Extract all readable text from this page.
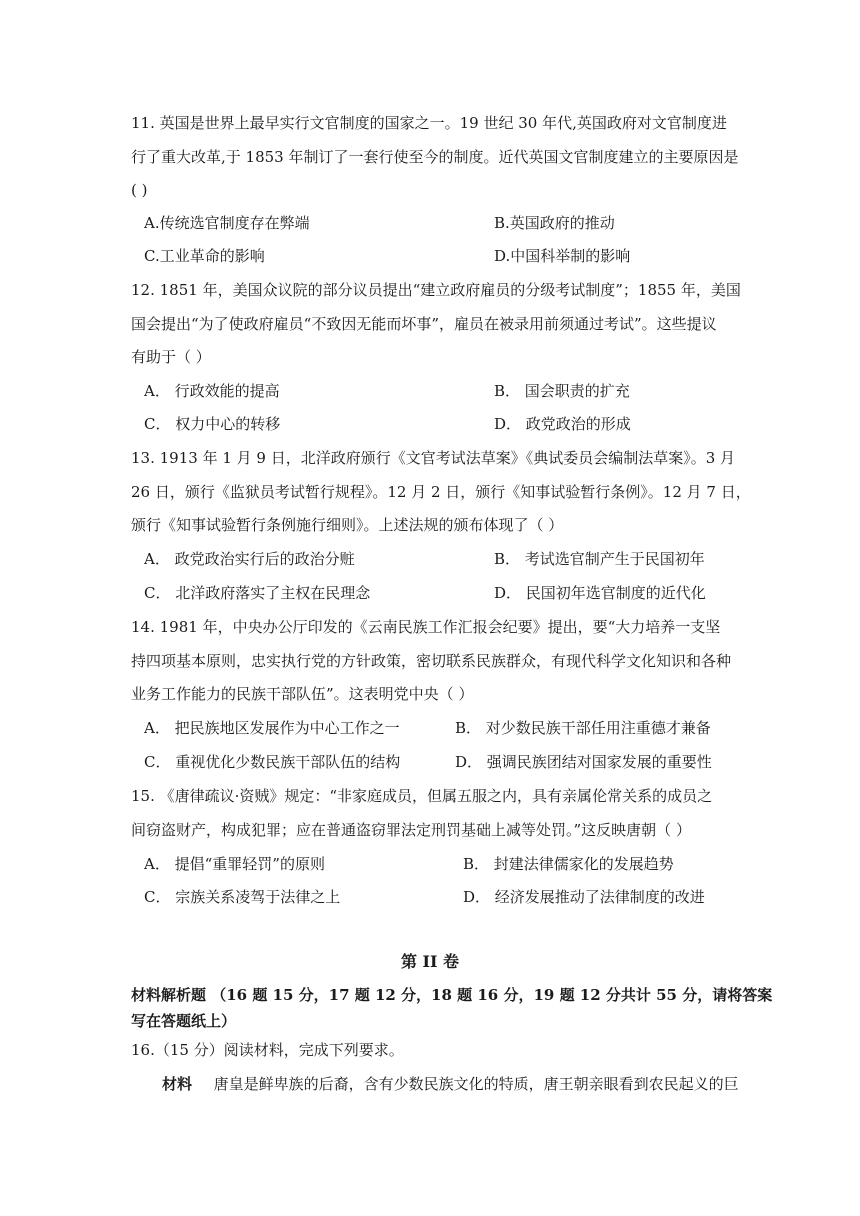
11. 英国是世界上最早实行文官制度的国家之一。19 世纪 30 年代,英国政府对文官制度进
行了重大改革,于 1853 年制订了一套行使至今的制度。近代英国文官制度建立的主要原因是
( )
A.传统选官制度存在弊端	B.英国政府的推动
C.工业革命的影响	D.中国科举制的影响
12. 1851 年，美国众议院的部分议员提出“建立政府雇员的分级考试制度”；1855 年，美国
国会提出“为了使政府雇员“不致因无能而坏事”，雇员在被录用前须通过考试”。这些提议
有助于（ ）
A． 行政效能的提高	B． 国会职责的扩充
C． 权力中心的转移	D． 政党政治的形成
13. 1913 年 1 月 9 日，北洋政府颁行《文官考试法草案》《典试委员会编制法草案》。3 月
26 日，颁行《监狱员考试暂行规程》。12 月 2 日，颁行《知事试验暂行条例》。12 月 7 日，
颁行《知事试验暂行条例施行细则》。上述法规的颁布体现了（ ）
A． 政党政治实行后的政治分赃	B． 考试选官制产生于民国初年
C． 北洋政府落实了主权在民理念	D． 民国初年选官制度的近代化
14. 1981 年，中央办公厅印发的《云南民族工作汇报会纪要》提出，要“大力培养一支坚
持四项基本原则，忠实执行党的方针政策，密切联系民族群众，有现代科学文化知识和各种
业务工作能力的民族干部队伍”。这表明党中央（ ）
A． 把民族地区发展作为中心工作之一	B． 对少数民族干部任用注重德才兼备
C． 重视优化少数民族干部队伍的结构	D． 强调民族团结对国家发展的重要性
15. 《唐律疏议·资贼》规定：“非家庭成员，但属五服之内，具有亲属伦常关系的成员之
间窃盗财产，构成犯罪；应在普通盗窃罪法定刑罚基础上减等处罚。”这反映唐朝（ ）
A． 提倡“重罪轻罚”的原则	B． 封建法律儒家化的发展趋势
C． 宗族关系凌驾于法律之上	D． 经济发展推动了法律制度的改进
第 II 卷
材料解析题 （16 题 15 分，17 题 12 分，18 题 16 分，19 题 12 分共计 55 分，请将答案
写在答题纸上）
16.（15 分）阅读材料，完成下列要求。
材料 唐皇是鲜卑族的后裔，含有少数民族文化的特质，唐王朝亲眼看到农民起义的巨
